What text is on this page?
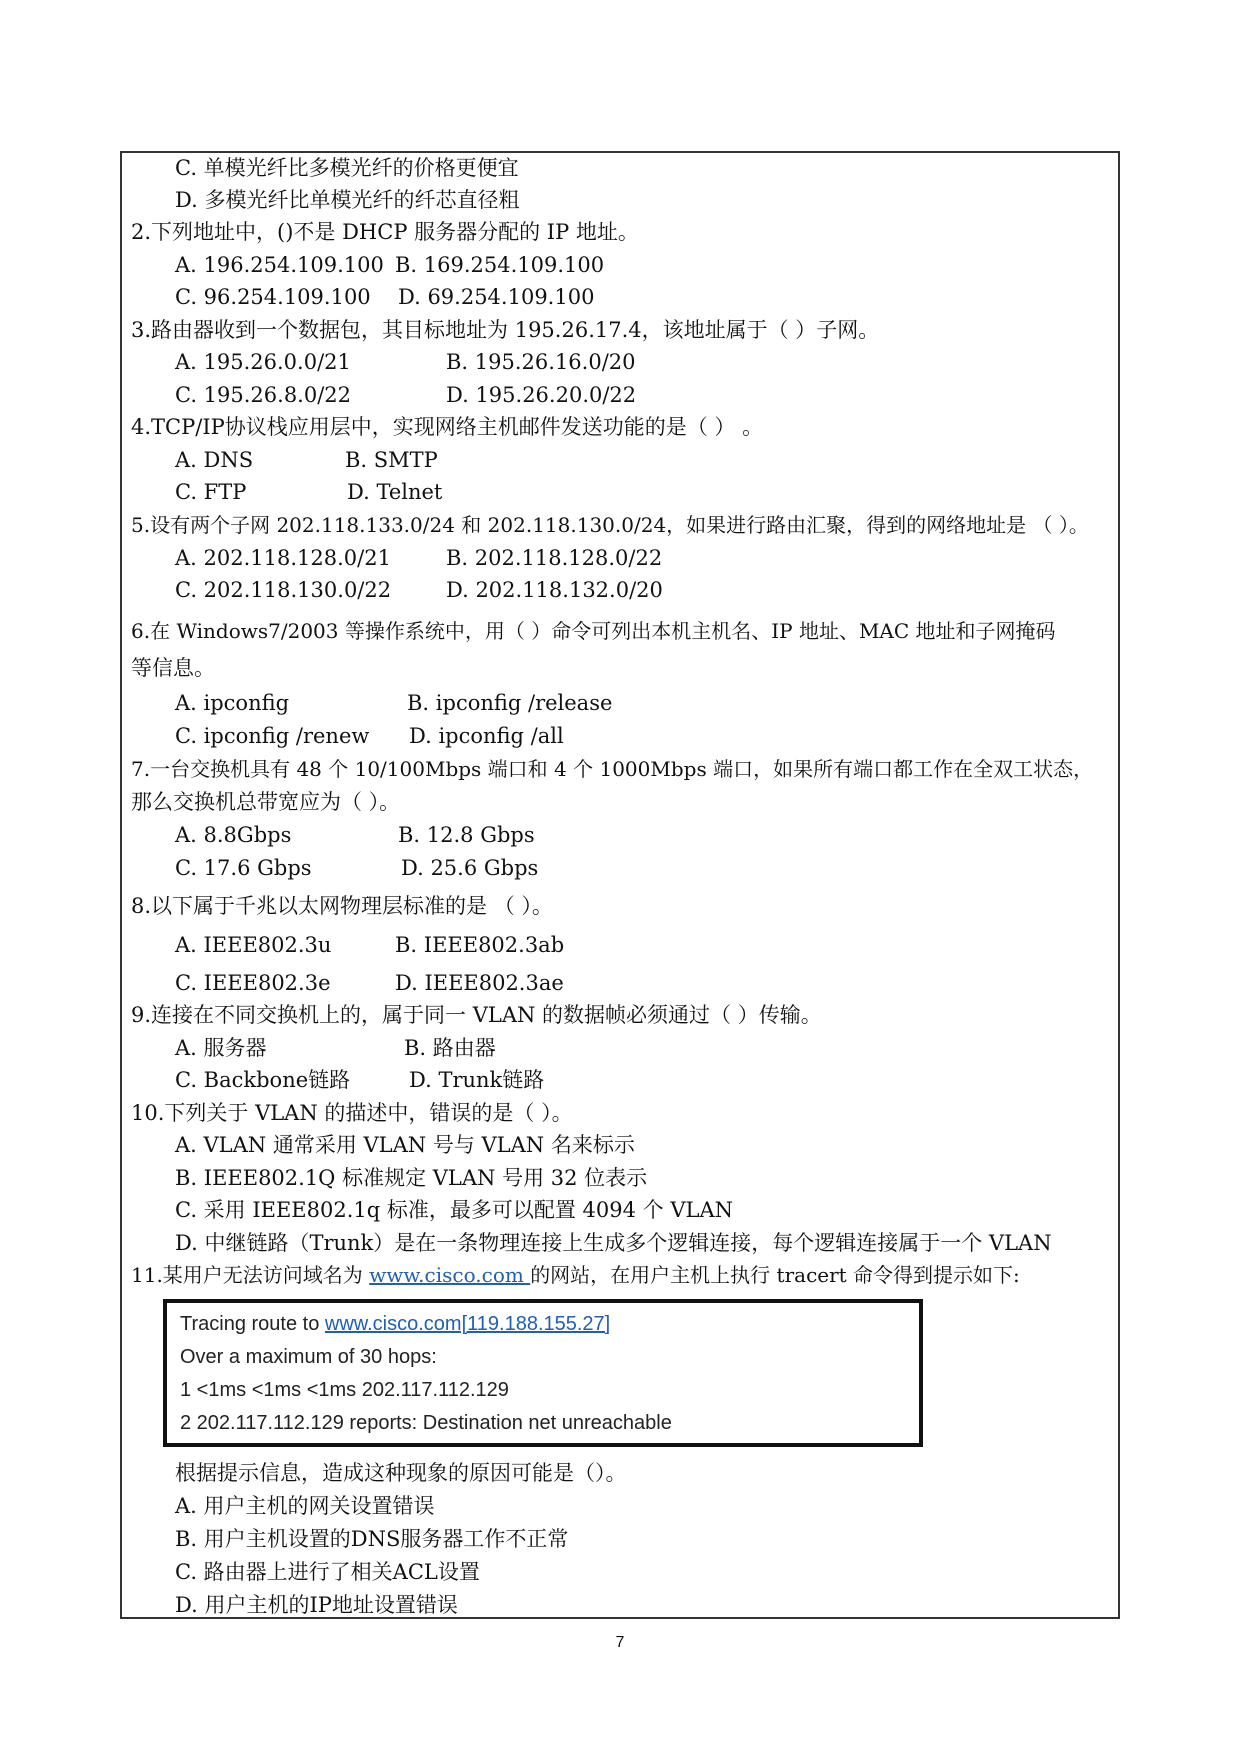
C. 单模光纤比多模光纤的价格更便宜

D. 多模光纤比单模光纤的纤芯直径粗

2.下列地址中，()不是 DHCP 服务器分配的 IP 地址。

A. 196.254.109.100 B. 169.254.109.100

C. 96.254.109.100 D. 69.254.109.100

3.路由器收到一个数据包，其目标地址为 195.26.17.4，该地址属于（ ）子网。

A. 195.26.0.0/21	B. 195.26.16.0/20

C. 195.26.8.0/22	D. 195.26.20.0/22

4.TCP/IP协议栈应用层中，实现网络主机邮件发送功能的是（ ） 。

A. DNS	B. SMTP

C. FTP	D. Telnet

5.设有两个子网 202.118.133.0/24 和 202.118.130.0/24，如果进行路由汇聚，得到的网络地址是 （ ）。

A. 202.118.128.0/21	B. 202.118.128.0/22

C. 202.118.130.0/22	D. 202.118.132.0/20

6.在 Windows7/2003 等操作系统中，用（ ）命令可列出本机主机名、IP 地址、MAC 地址和子网掩码

等信息。

A. ipconfig	B. ipconfig /release

C. ipconfig /renew D. ipconfig /all

7.一台交换机具有 48 个 10/100Mbps 端口和 4 个 1000Mbps 端口，如果所有端口都工作在全双工状态，

那么交换机总带宽应为（ ）。

A. 8.8Gbps	B. 12.8 Gbps

C. 17.6 Gbps	D. 25.6 Gbps

8.以下属于千兆以太网物理层标准的是 （ ）。

A. IEEE802.3u	B. IEEE802.3ab

C. IEEE802.3e	D. IEEE802.3ae

9.连接在不同交换机上的，属于同一 VLAN 的数据帧必须通过（ ）传输。

A. 服务器	B. 路由器

C. Backbone链路	D. Trunk链路

10.下列关于 VLAN 的描述中，错误的是（ ）。

A. VLAN 通常采用 VLAN 号与 VLAN 名来标示

B. IEEE802.1Q 标准规定 VLAN 号用 32 位表示

C. 采用 IEEE802.1q 标准，最多可以配置 4094 个 VLAN

D. 中继链路（Trunk）是在一条物理连接上生成多个逻辑连接，每个逻辑连接属于一个 VLAN

11.某用户无法访问域名为 www.cisco.com 的网站，在用户主机上执行 tracert 命令得到提示如下:

Tracing route to www.cisco.com[119.188.155.27]

Over a maximum of 30 hops:

1 <1ms <1ms <1ms 202.117.112.129

2 202.117.112.129 reports: Destination net unreachable

根据提示信息，造成这种现象的原因可能是（）。

A. 用户主机的网关设置错误

B. 用户主机设置的DNS服务器工作不正常

C. 路由器上进行了相关ACL设置

D. 用户主机的IP地址设置错误

7
